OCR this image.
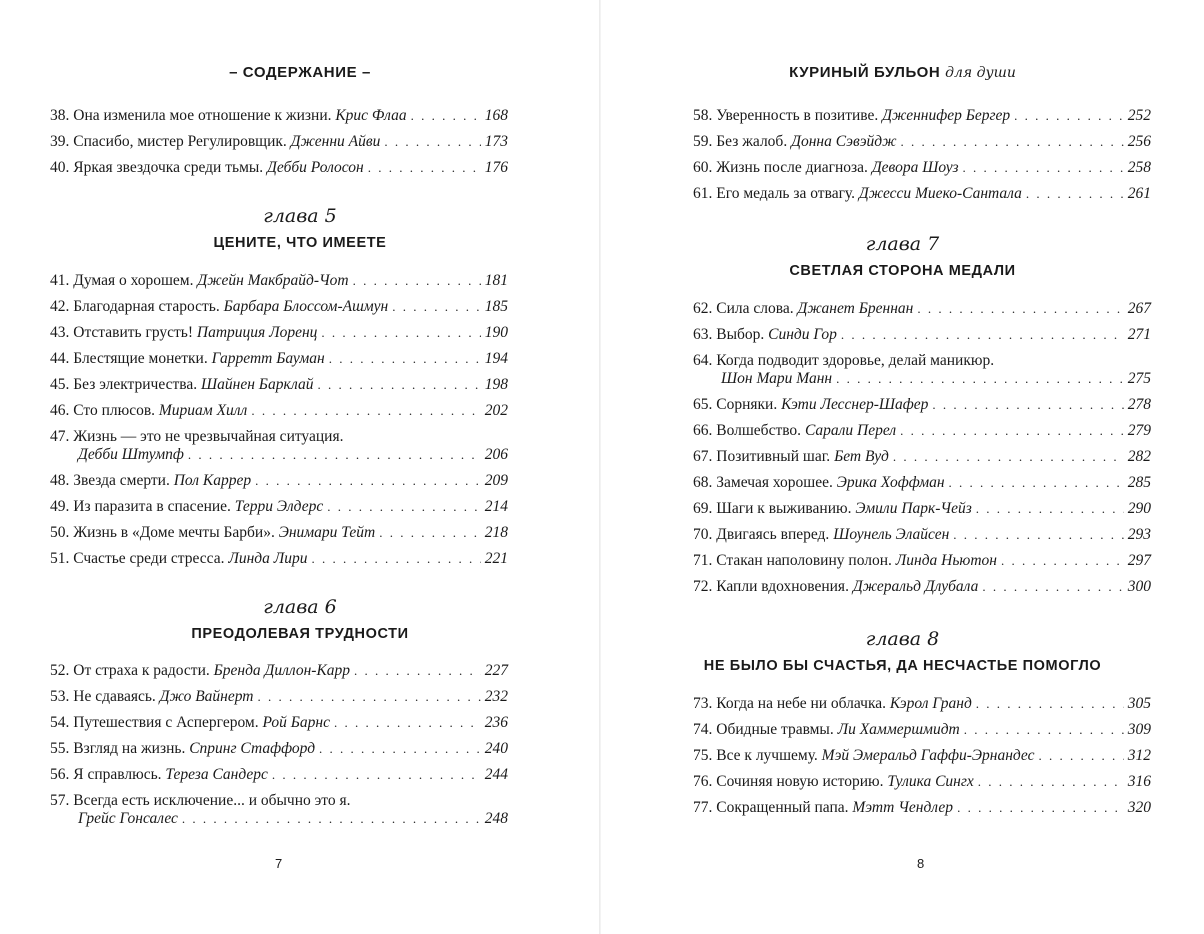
– СОДЕРЖАНИЕ –
38. Она изменила мое отношение к жизни. Крис Флаа . . .	168
39. Спасибо, мистер Регулировщик. Дженни Айви . . .	173
40. Яркая звездочка среди тьмы. Дебби Ролосон . . .	176
глава 5
ЦЕНИТЕ, ЧТО ИМЕЕТЕ
41. Думая о хорошем. Джейн Макбрайд-Чот . . .	181
42. Благодарная старость. Барбара Блоссом-Ашмун . . .	185
43. Отставить грусть! Патриция Лоренц . . .	190
44. Блестящие монетки. Гарретт Бауман . . .	194
45. Без электричества. Шайнен Барклай . . .	198
46. Сто плюсов. Мириам Хилл . . .	202
47. Жизнь — это не чрезвычайная ситуация.
Дебби Штумпф . . .	206
48. Звезда смерти. Пол Каррер . . .	209
49. Из паразита в спасение. Терри Элдерс . . .	214
50. Жизнь в «Доме мечты Барби». Энимари Тейт . . .	218
51. Счастье среди стресса. Линда Лири . . .	221
глава 6
ПРЕОДОЛЕВАЯ ТРУДНОСТИ
52. От страха к радости. Бренда Диллон-Карр . . .	227
53. Не сдаваясь. Джо Вайнерт . . .	232
54. Путешествия с Аспергером. Рой Барнс . . .	236
55. Взгляд на жизнь. Спринг Стаффорд . . .	240
56. Я справлюсь. Тереза Сандерс . . .	244
57. Всегда есть исключение... и обычно это я.
Грейс Гонсалес . . .	248
7
КУРИНЫЙ БУЛЬОН для души
58. Уверенность в позитиве. Дженнифер Бергер . . .	252
59. Без жалоб. Донна Сэвэйдж . . .	256
60. Жизнь после диагноза. Девора Шоуз . . .	258
61. Его медаль за отвагу. Джесси Миеко-Сантала . . .	261
глава 7
СВЕТЛАЯ СТОРОНА МЕДАЛИ
62. Сила слова. Джанет Бреннан . . .	267
63. Выбор. Синди Гор . . .	271
64. Когда подводит здоровье, делай маникюр.
Шон Мари Манн . . .	275
65. Сорняки. Кэти Лесснер-Шафер . . .	278
66. Волшебство. Сарали Перел . . .	279
67. Позитивный шаг. Бет Вуд . . .	282
68. Замечая хорошее. Эрика Хоффман . . .	285
69. Шаги к выживанию. Эмили Парк-Чейз . . .	290
70. Двигаясь вперед. Шоунель Элайсен . . .	293
71. Стакан наполовину полон. Линда Ньютон . . .	297
72. Капли вдохновения. Джеральд Длубала . . .	300
глава 8
НЕ БЫЛО БЫ СЧАСТЬЯ, ДА НЕСЧАСТЬЕ ПОМОГЛО
73. Когда на небе ни облачка. Кэрол Гранд . . .	305
74. Обидные травмы. Ли Хаммершмидт . . .	309
75. Все к лучшему. Мэй Эмеральд Гаффи-Эрнандес . . .	312
76. Сочиняя новую историю. Тулика Сингх . . .	316
77. Сокращенный папа. Мэтт Чендлер . . .	320
8
